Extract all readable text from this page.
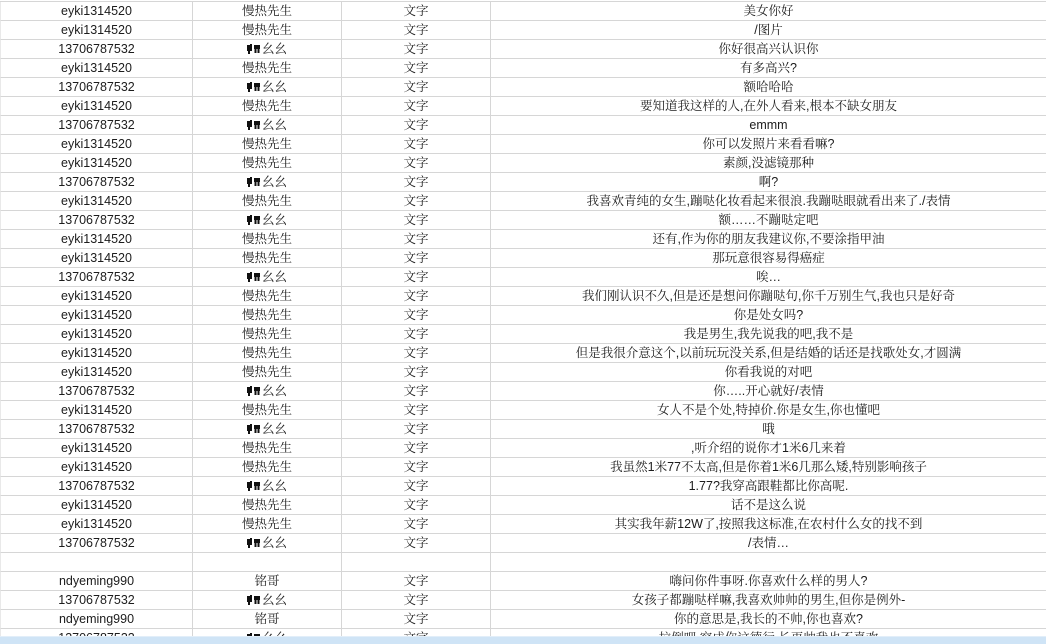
eyki1314520	慢热先生	文字	美女你好
eyki1314520	慢热先生	文字	/图片
13706787532	幺幺	文字	你好很高兴认识你
eyki1314520	慢热先生	文字	有多高兴?
13706787532	幺幺	文字	额哈哈哈
eyki1314520	慢热先生	文字	要知道我这样的人,在外人看来,根本不缺女朋友
13706787532	幺幺	文字	emmm
eyki1314520	慢热先生	文字	你可以发照片来看看嘛?
eyki1314520	慢热先生	文字	素颜,没滤镜那种
13706787532	幺幺	文字	啊?
eyki1314520	慢热先生	文字	我喜欢青纯的女生,蹦哒化妆看起来很浪.我蹦哒眼就看出来了./表情
13706787532	幺幺	文字	额……不蹦哒定吧
eyki1314520	慢热先生	文字	还有,作为你的朋友我建议你,不要涂指甲油
eyki1314520	慢热先生	文字	那玩意很容易得癌症
13706787532	幺幺	文字	唉…
eyki1314520	慢热先生	文字	我们刚认识不久,但是还是想问你蹦哒句,你千万别生气,我也只是好奇
eyki1314520	慢热先生	文字	你是处女吗?
eyki1314520	慢热先生	文字	我是男生,我先说我的吧,我不是
eyki1314520	慢热先生	文字	但是我很介意这个,以前玩玩没关系,但是结婚的话还是找歌处女,才圆满
eyki1314520	慢热先生	文字	你看我说的对吧
13706787532	幺幺	文字	你…..开心就好/表情
eyki1314520	慢热先生	文字	女人不是个处,特掉价.你是女生,你也懂吧
13706787532	幺幺	文字	哦
eyki1314520	慢热先生	文字	,听介绍的说你才1米6几来着
eyki1314520	慢热先生	文字	我虽然1米77不太高,但是你着1米6几那么矮,特别影响孩子
13706787532	幺幺	文字	1.77?我穿高跟鞋都比你高呢.
eyki1314520	慢热先生	文字	话不是这么说
eyki1314520	慢热先生	文字	其实我年薪12W了,按照我这标准,在农村什么女的找不到
13706787532	幺幺	文字	/表情…
ndyeming990	铭哥	文字	嗨问你件事呀.你喜欢什么样的男人?
13706787532	幺幺	文字	女孩子都蹦哒样嘛,我喜欢帅帅的男生,但你是例外-
ndyeming990	铭哥	文字	你的意思是,我长的不帅,你也喜欢?
